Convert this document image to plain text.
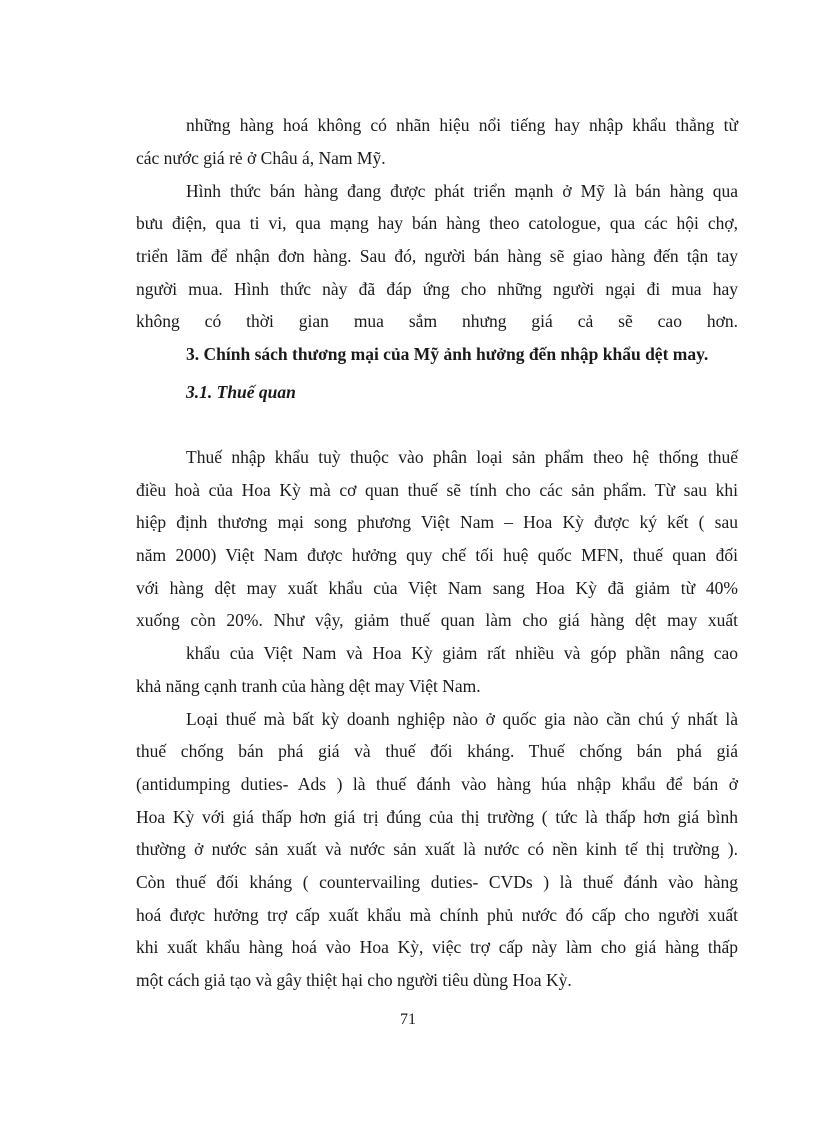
những hàng hoá không có nhãn hiệu nổi tiếng hay nhập khẩu thẳng từ
các nước giá rẻ ở Châu á, Nam Mỹ.
Hình thức bán hàng đang được phát triển mạnh ở Mỹ là bán hàng qua
bưu điện, qua ti vi, qua mạng hay bán hàng theo catologue, qua các hội chợ,
triển lãm để nhận đơn hàng. Sau đó, người bán hàng sẽ giao hàng đến tận tay
người mua. Hình thức này đã đáp ứng cho những người ngại đi mua hay
không có thời gian mua sắm nhưng giá cả sẽ cao hơn.
3. Chính sách thương mại của Mỹ ảnh hưởng đến nhập khẩu dệt may.
3.1. Thuế quan
Thuế nhập khẩu tuỳ thuộc vào phân loại sản phẩm theo hệ thống thuế
điều hoà của Hoa Kỳ mà cơ quan thuế sẽ tính cho các sản phẩm. Từ sau khi
hiệp định thương mại song phương Việt Nam – Hoa Kỳ được ký kết ( sau
năm 2000) Việt Nam được hưởng quy chế tối huệ quốc MFN, thuế quan đối
với hàng dệt may xuất khẩu của Việt Nam sang Hoa Kỳ đã giảm từ 40%
xuống còn 20%. Như vậy, giảm thuế quan làm cho giá hàng dệt may xuất
khẩu của Việt Nam và Hoa Kỳ giảm rất nhiều và góp phần nâng cao
khả năng cạnh tranh của hàng dệt may Việt Nam.
Loại thuế mà bất kỳ doanh nghiệp nào ở quốc gia nào cần chú ý nhất là
thuế chống bán phá giá và thuế đối kháng. Thuế chống bán phá giá
(antidumping duties- Ads ) là thuế đánh vào hàng húa nhập khẩu để bán ở
Hoa Kỳ với giá thấp hơn giá trị đúng của thị trường ( tức là thấp hơn giá bình
thường ở nước sản xuất và nước sản xuất là nước có nền kinh tế thị trường ).
Còn thuế đối kháng ( countervailing duties- CVDs ) là thuế đánh vào hàng
hoá được hưởng trợ cấp xuất khẩu mà chính phủ nước đó cấp cho người xuất
khi xuất khẩu hàng hoá vào Hoa Kỳ, việc trợ cấp này làm cho giá hàng thấp
một cách giả tạo và gây thiệt hại cho người tiêu dùng Hoa Kỳ.
71
